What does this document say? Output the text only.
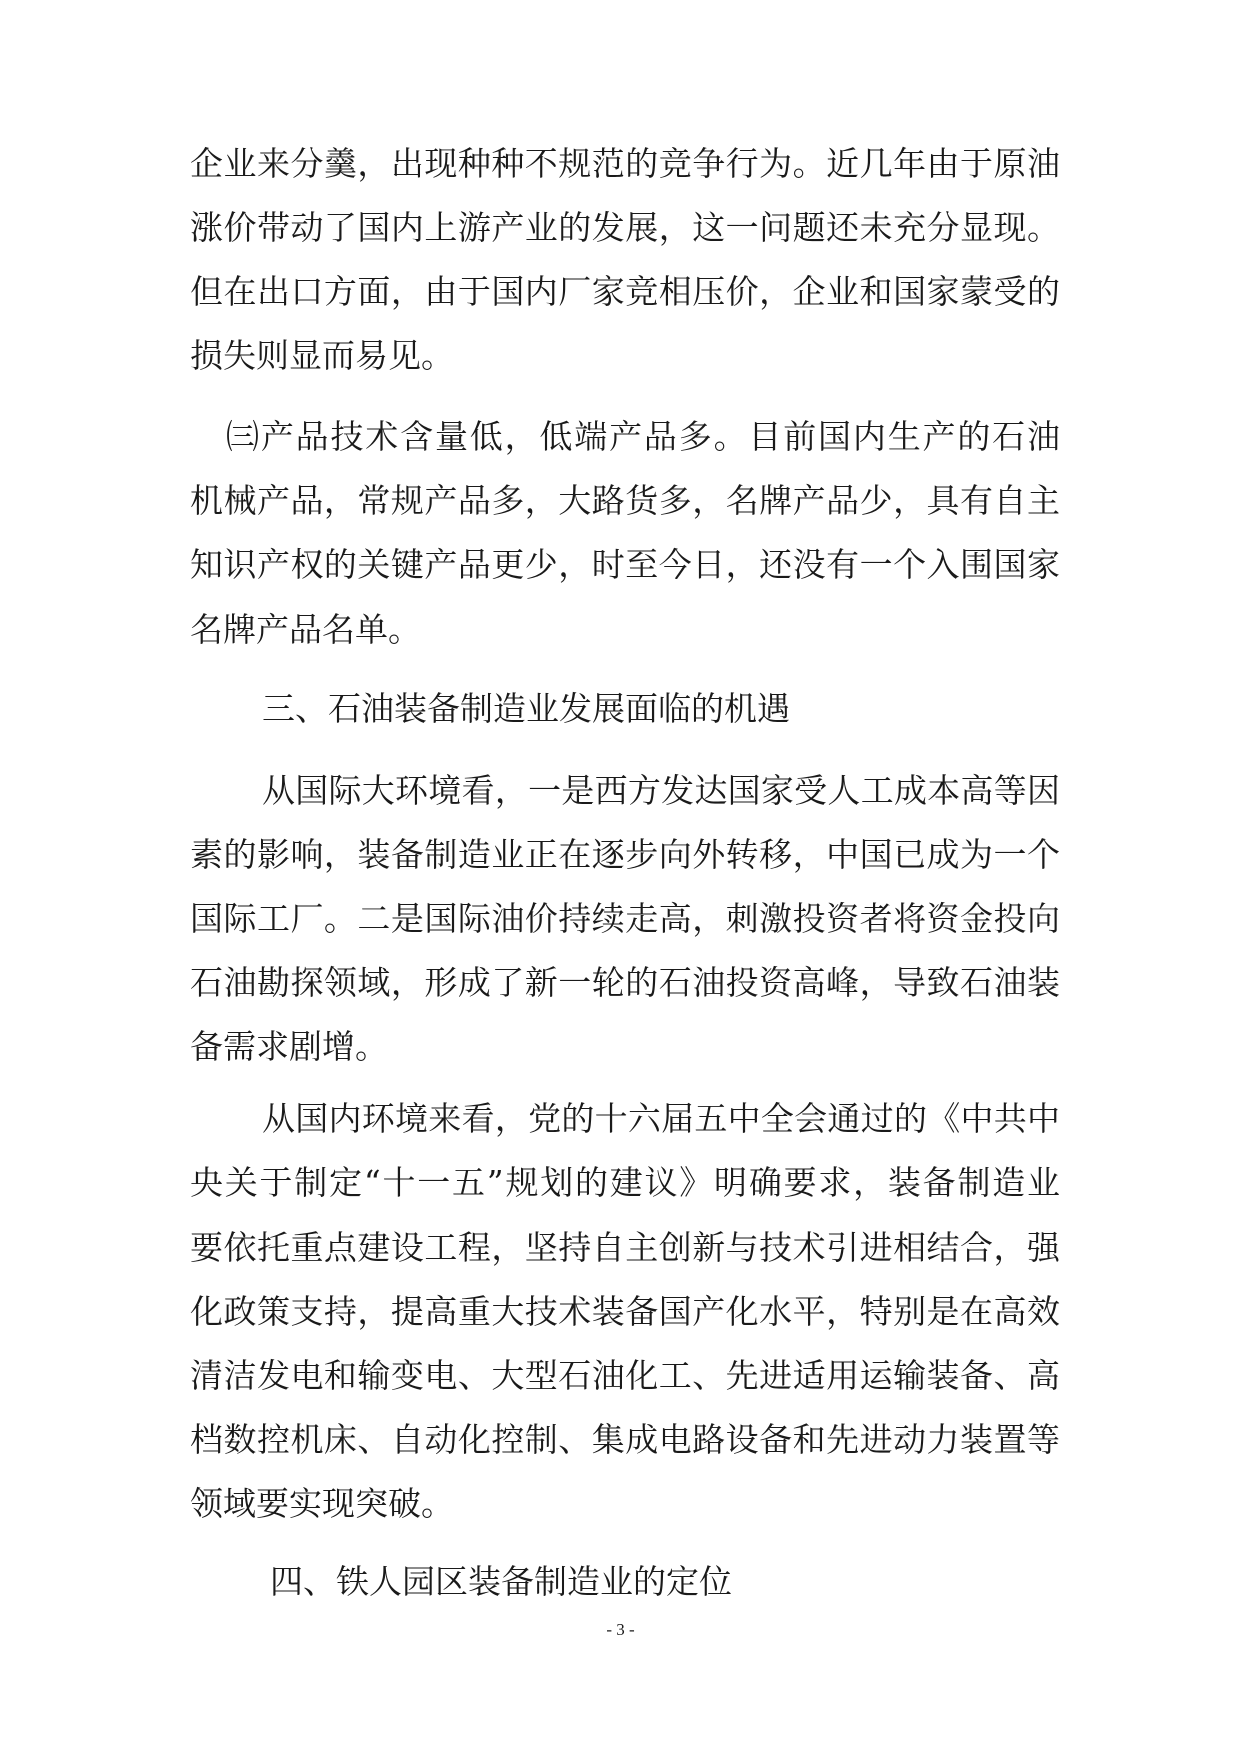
企业来分羹，出现种种不规范的竞争行为。近几年由于原油
涨价带动了国内上游产业的发展，这一问题还未充分显现。
但在出口方面，由于国内厂家竞相压价，企业和国家蒙受的
损失则显而易见。
㈢产品技术含量低，低端产品多。目前国内生产的石油
机械产品，常规产品多，大路货多，名牌产品少，具有自主
知识产权的关键产品更少，时至今日，还没有一个入围国家
名牌产品名单。
三、石油装备制造业发展面临的机遇
从国际大环境看，一是西方发达国家受人工成本高等因
素的影响，装备制造业正在逐步向外转移，中国已成为一个
国际工厂。二是国际油价持续走高，刺激投资者将资金投向
石油勘探领域，形成了新一轮的石油投资高峰，导致石油装
备需求剧增。
从国内环境来看，党的十六届五中全会通过的《中共中
央关于制定“十一五”规划的建议》明确要求，装备制造业
要依托重点建设工程，坚持自主创新与技术引进相结合，强
化政策支持，提高重大技术装备国产化水平，特别是在高效
清洁发电和输变电、大型石油化工、先进适用运输装备、高
档数控机床、自动化控制、集成电路设备和先进动力装置等
领域要实现突破。
四、铁人园区装备制造业的定位
- 3 -
